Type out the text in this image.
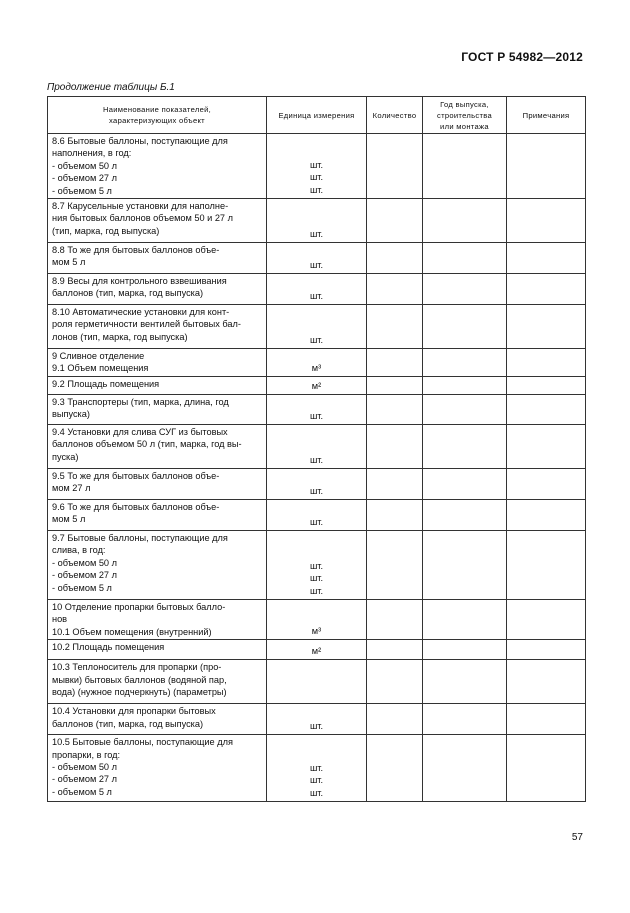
ГОСТ Р 54982—2012
Продолжение таблицы Б.1
Наименование показателей,
характеризующих объект	Единица измерения	Количество	Год выпуска,
строительства
или монтажа	Примечания
8.6 Бытовые баллоны, поступающие для
наполнения, в год:
- объемом 50 л
- объемом 27 л
- объемом 5 л	шт.
шт.
шт.			
8.7 Карусельные установки для наполне-
ния бытовых баллонов объемом 50 и 27 л
(тип, марка, год выпуска)	шт.			
8.8 То же для бытовых баллонов объе-
мом 5 л	шт.			
8.9 Весы для контрольного взвешивания
баллонов (тип, марка, год выпуска)	шт.			
8.10 Автоматические установки для конт-
роля герметичности вентилей бытовых бал-
лонов (тип, марка, год выпуска)	шт.			
9 Сливное отделение
9.1 Объем помещения	м³			
9.2 Площадь помещения	м²			
9.3 Транспортеры (тип, марка, длина, год
выпуска)	шт.			
9.4 Установки для слива СУГ из бытовых
баллонов объемом 50 л (тип, марка, год вы-
пуска)	шт.			
9.5 То же для бытовых баллонов объе-
мом 27 л	шт.			
9.6 То же для бытовых баллонов объе-
мом 5 л	шт.			
9.7 Бытовые баллоны, поступающие для
слива, в год:
- объемом 50 л
- объемом 27 л
- объемом 5 л	шт.
шт.
шт.			
10 Отделение пропарки бытовых балло-
нов
10.1 Объем помещения (внутренний)	м³			
10.2 Площадь помещения	м²			
10.3 Теплоноситель для пропарки (про-
мывки) бытовых баллонов (водяной пар,
вода) (нужное подчеркнуть) (параметры)				
10.4 Установки для пропарки бытовых
баллонов (тип, марка, год выпуска)	шт.			
10.5 Бытовые баллоны, поступающие для
пропарки, в год:
- объемом 50 л
- объемом 27 л
- объемом 5 л	шт.
шт.
шт.			
57
